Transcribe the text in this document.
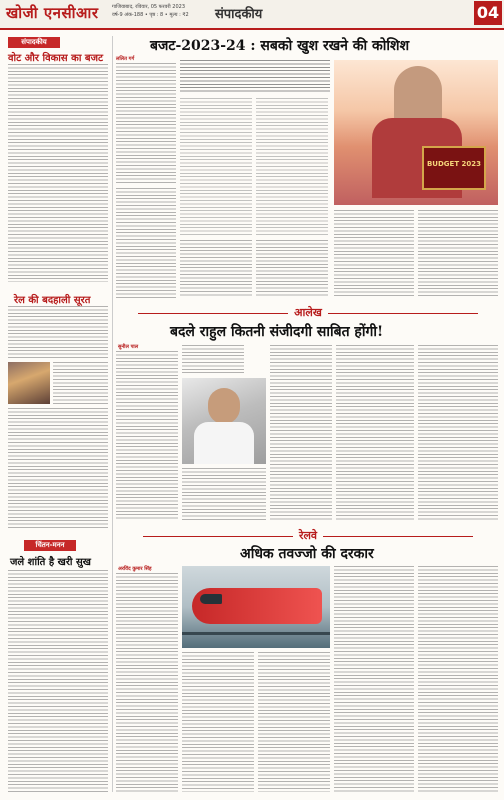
खोजी एनसीआर	गाजियाबाद, रविवार, 05 फरवरी 2023
वर्ष-9 अंक-188 • पृष्ठ : 8 • मूल्य : ₹2	संपादकीय	04
संपादकीय
वोट और विकास का बजट
रेल की बदहाली सूरत
चिंतन-मनन
जले शांति है खरी सुख
बजट-2023-24 : सबको खुश रखने की कोशिश
ललित गर्ग
BUDGET 2023
आलेख
बदले राहुल कितनी संजीदगी साबित होंगी!
सुनील पाल
रेलवे
अधिक तवज्जो की दरकार
अरविंद कुमार सिंह
